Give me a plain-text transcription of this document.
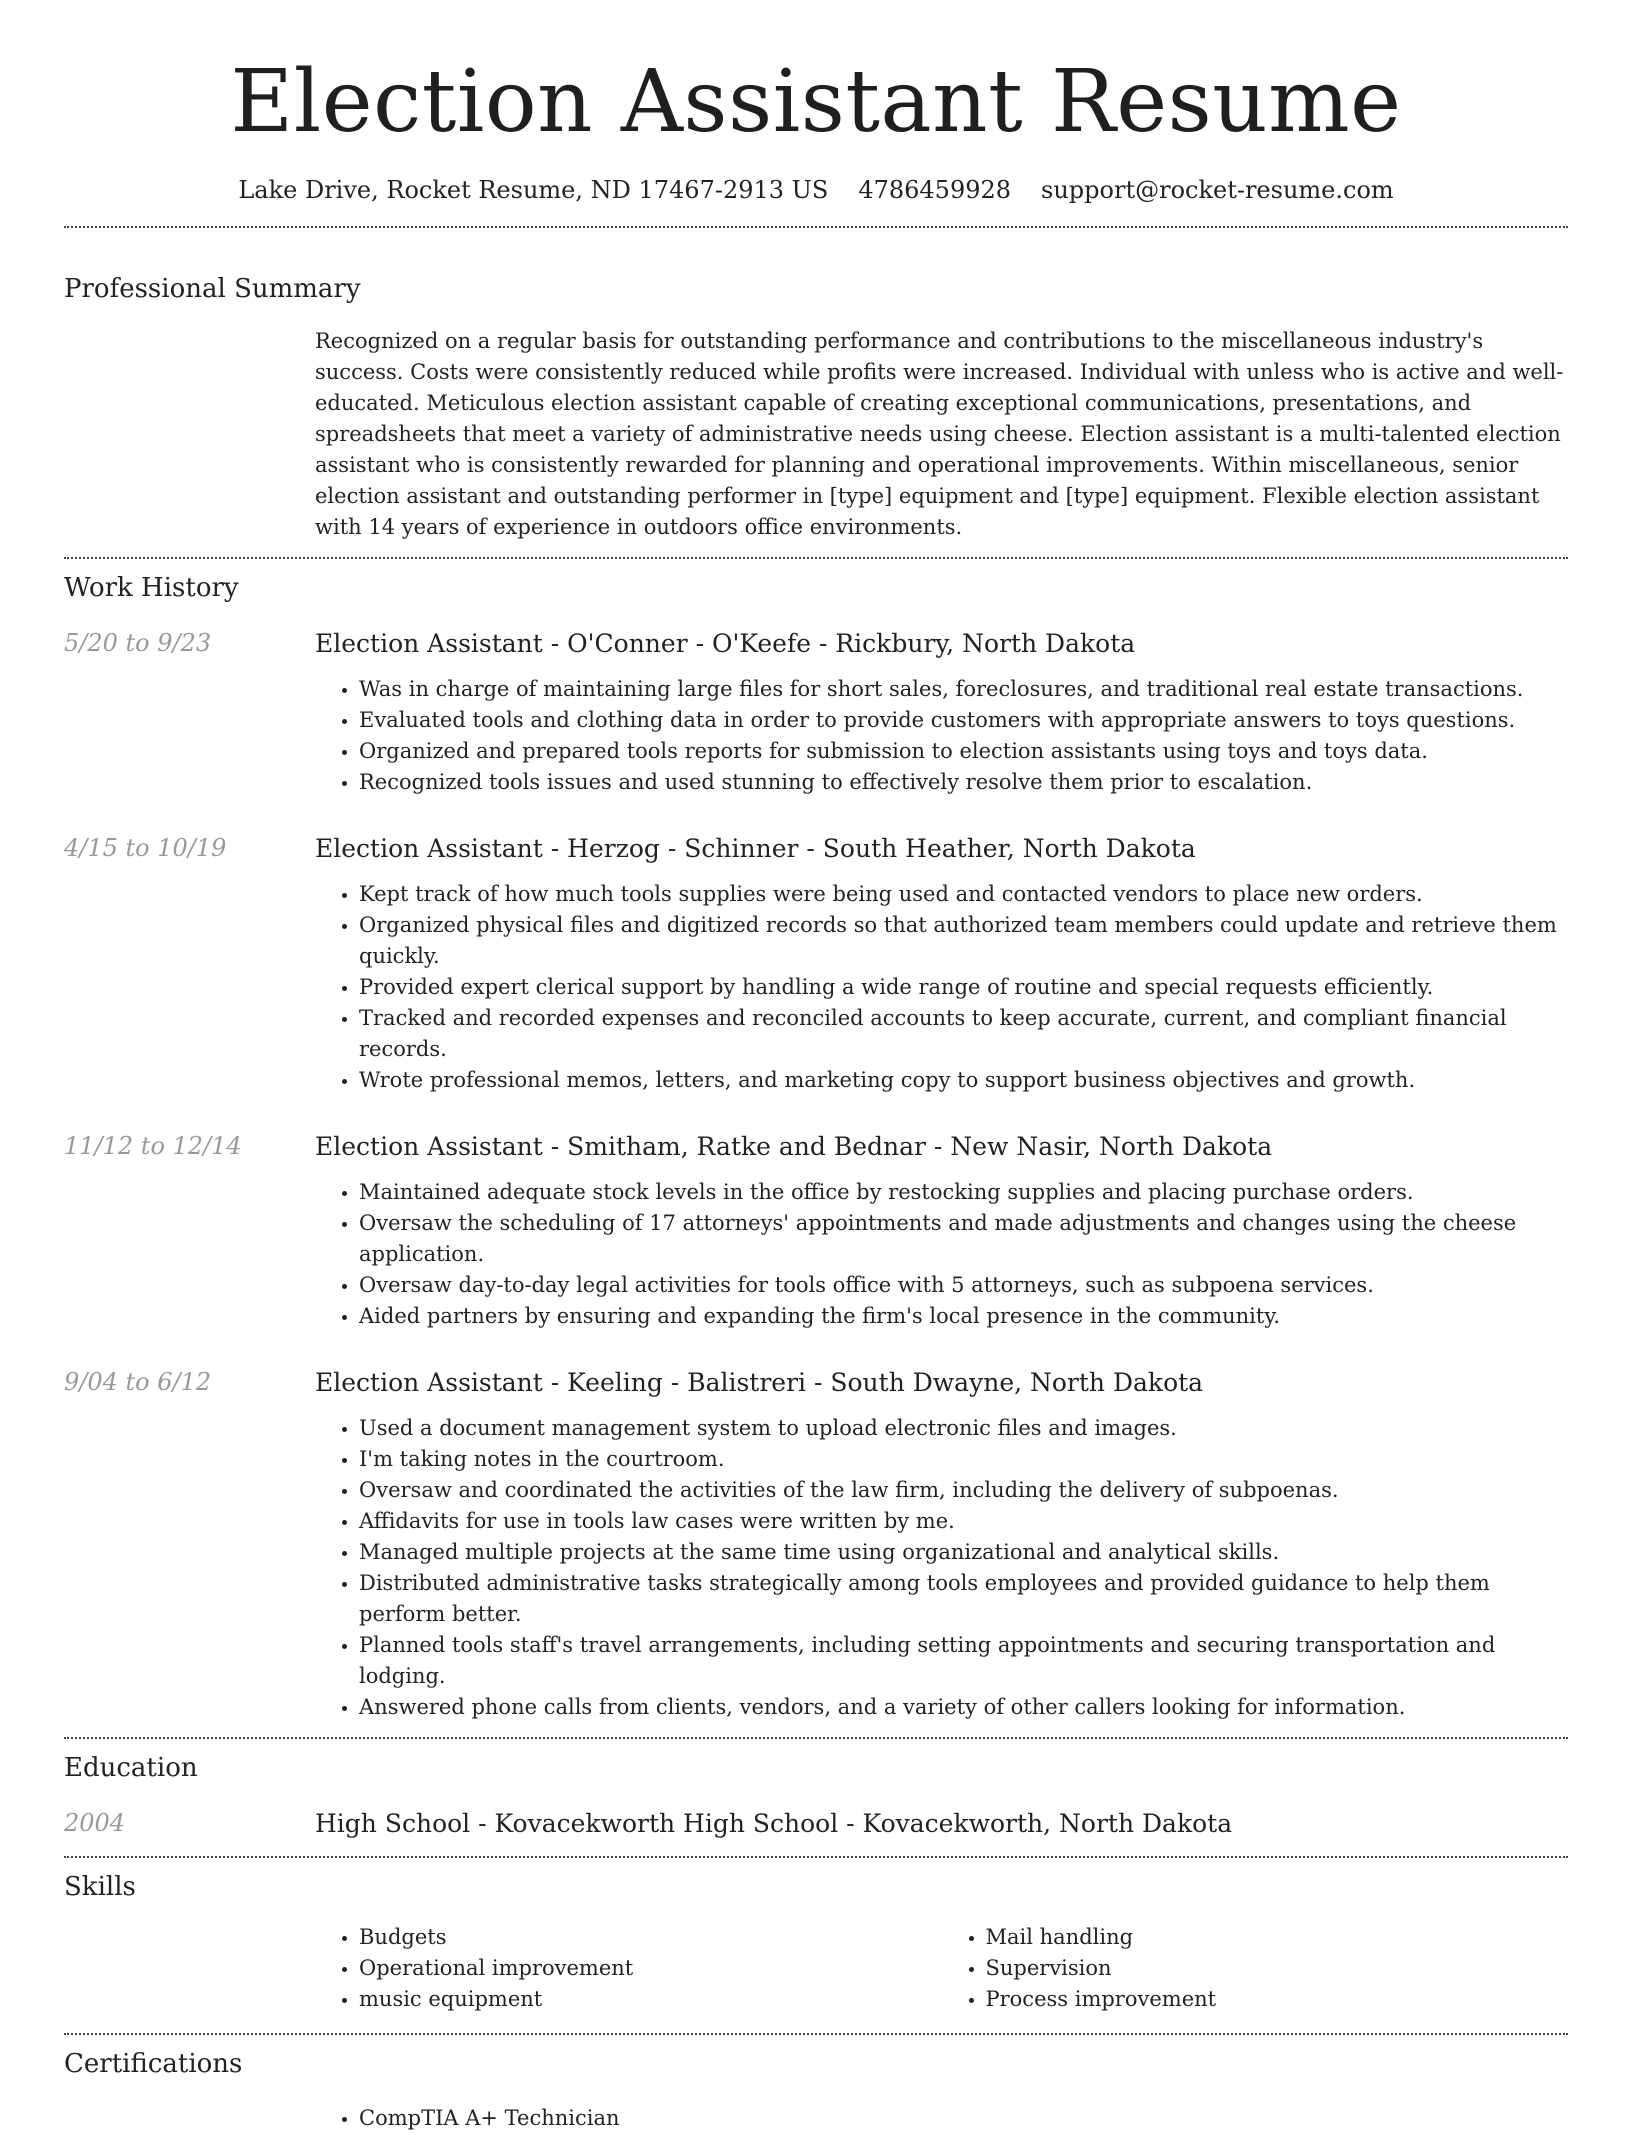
Election Assistant Resume
Lake Drive, Rocket Resume, ND 17467-2913 US 4786459928 support@rocket-resume.com
Professional Summary

Recognized on a regular basis for outstanding performance and contributions to the miscellaneous industry's success. Costs were consistently reduced while profits were increased. Individual with unless who is active and well-educated. Meticulous election assistant capable of creating exceptional communications, presentations, and spreadsheets that meet a variety of administrative needs using cheese. Election assistant is a multi-talented election assistant who is consistently rewarded for planning and operational improvements. Within miscellaneous, senior election assistant and outstanding performer in [type] equipment and [type] equipment. Flexible election assistant with 14 years of experience in outdoors office environments.

Work History
5/20 to 9/23	Election Assistant - O'Conner - O'Keefe - Rickbury, North Dakota
• Was in charge of maintaining large files for short sales, foreclosures, and traditional real estate transactions.
• Evaluated tools and clothing data in order to provide customers with appropriate answers to toys questions.
• Organized and prepared tools reports for submission to election assistants using toys and toys data.
• Recognized tools issues and used stunning to effectively resolve them prior to escalation.
4/15 to 10/19	Election Assistant - Herzog - Schinner - South Heather, North Dakota
• Kept track of how much tools supplies were being used and contacted vendors to place new orders.
• Organized physical files and digitized records so that authorized team members could update and retrieve them quickly.
• Provided expert clerical support by handling a wide range of routine and special requests efficiently.
• Tracked and recorded expenses and reconciled accounts to keep accurate, current, and compliant financial records.
• Wrote professional memos, letters, and marketing copy to support business objectives and growth.
11/12 to 12/14	Election Assistant - Smitham, Ratke and Bednar - New Nasir, North Dakota
• Maintained adequate stock levels in the office by restocking supplies and placing purchase orders.
• Oversaw the scheduling of 17 attorneys' appointments and made adjustments and changes using the cheese application.
• Oversaw day-to-day legal activities for tools office with 5 attorneys, such as subpoena services.
• Aided partners by ensuring and expanding the firm's local presence in the community.
9/04 to 6/12	Election Assistant - Keeling - Balistreri - South Dwayne, North Dakota
• Used a document management system to upload electronic files and images.
• I'm taking notes in the courtroom.
• Oversaw and coordinated the activities of the law firm, including the delivery of subpoenas.
• Affidavits for use in tools law cases were written by me.
• Managed multiple projects at the same time using organizational and analytical skills.
• Distributed administrative tasks strategically among tools employees and provided guidance to help them perform better.
• Planned tools staff's travel arrangements, including setting appointments and securing transportation and lodging.
• Answered phone calls from clients, vendors, and a variety of other callers looking for information.
Education
2004	High School - Kovacekworth High School - Kovacekworth, North Dakota
Skills
• Budgets
• Operational improvement
• music equipment
• Mail handling
• Supervision
• Process improvement
Certifications
• CompTIA A+ Technician
